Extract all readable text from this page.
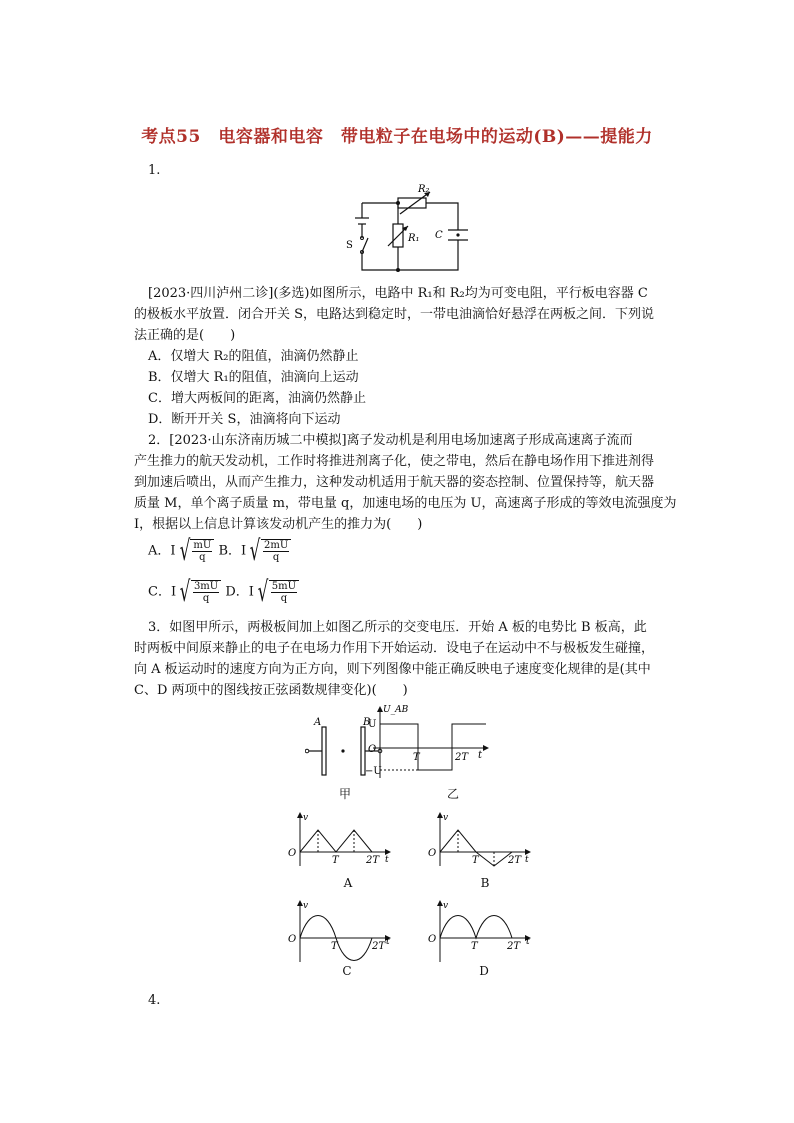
考点55　电容器和电容　带电粒子在电场中的运动(B)——提能力
1.
R₂
R₁ C
S
[2023·四川泸州二诊](多选)如图所示，电路中 R₁和 R₂均为可变电阻，平行板电容器 C
的极板水平放置．闭合开关 S，电路达到稳定时，一带电油滴恰好悬浮在两板之间．下列说
法正确的是(　　)
A．仅增大 R₂的阻值，油滴仍然静止
B．仅增大 R₁的阻值，油滴向上运动
C．增大两板间的距离，油滴仍然静止
D．断开开关 S，油滴将向下运动
2．[2023·山东济南历城二中模拟]离子发动机是利用电场加速离子形成高速离子流而
产生推力的航天发动机，工作时将推进剂离子化，使之带电，然后在静电场作用下推进剂得
到加速后喷出，从而产生推力，这种发动机适用于航天器的姿态控制、位置保持等，航天器
质量 M，单个离子质量 m，带电量 q，加速电场的电压为 U，高速离子形成的等效电流强度为
I，根据以上信息计算该发动机产生的推力为(　　)
A．I √ $\frac{mU}{q}$ B．I √ $\frac{2mU}{q}$
C．I √ $\frac{3mU}{q}$ D．I √ $\frac{5mU}{q}$
3．如图甲所示，两极板间加上如图乙所示的交变电压．开始 A 板的电势比 B 板高，此
时两板中间原来静止的电子在电场力作用下开始运动．设电子在运动中不与极板发生碰撞，
向 A 板运动时的速度方向为正方向，则下列图像中能正确反映电子速度变化规律的是(其中
C、D 两项中的图线按正弦函数规律变化)(　　)
A	B
甲
U_AB
U
−U
O
T	2T t
乙
v
O
T	2T t
A
v
O
T	2T t
B
v
O
T	2T t
C
v
O
T	2T t
D
4.
